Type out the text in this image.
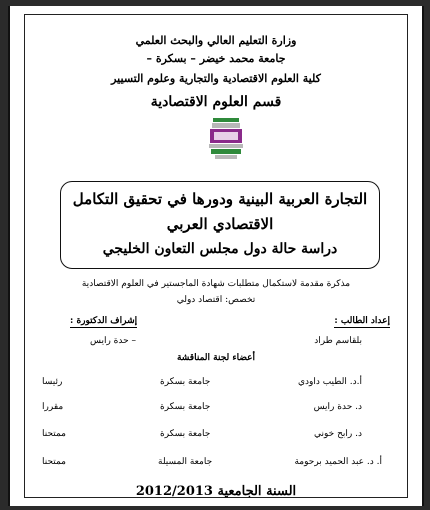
وزارة التعليم العالي والبحث العلمي
جامعة محمد خيضر – بسكرة –
كلية العلوم الاقتصادية والتجارية وعلوم التسيير
قسم العلوم الاقتصادية
التجارة العربية البينية ودورها في تحقيق التكامل
الاقتصادي العربي
دراسة حالة دول مجلس التعاون الخليجي
مذكرة مقدمة لاستكمال متطلبات شهادة الماجستير في العلوم الاقتصادية
تخصص: اقتصاد دولي
إعداد الطالب :
إشراف الدكتورة :
بلقاسم طراد
– حدة رايس
أعضاء لجنة المناقشة
أ.د. الطيب داودي
جامعة بسكرة
رئيسا
د. حدة رايس
جامعة بسكرة
مقررا
د. رابح خوني
جامعة بسكرة
ممتحنا
أ. د. عبد الحميد برحومة
جامعة المسيلة
ممتحنا
السنة الجامعية 2012/2013
